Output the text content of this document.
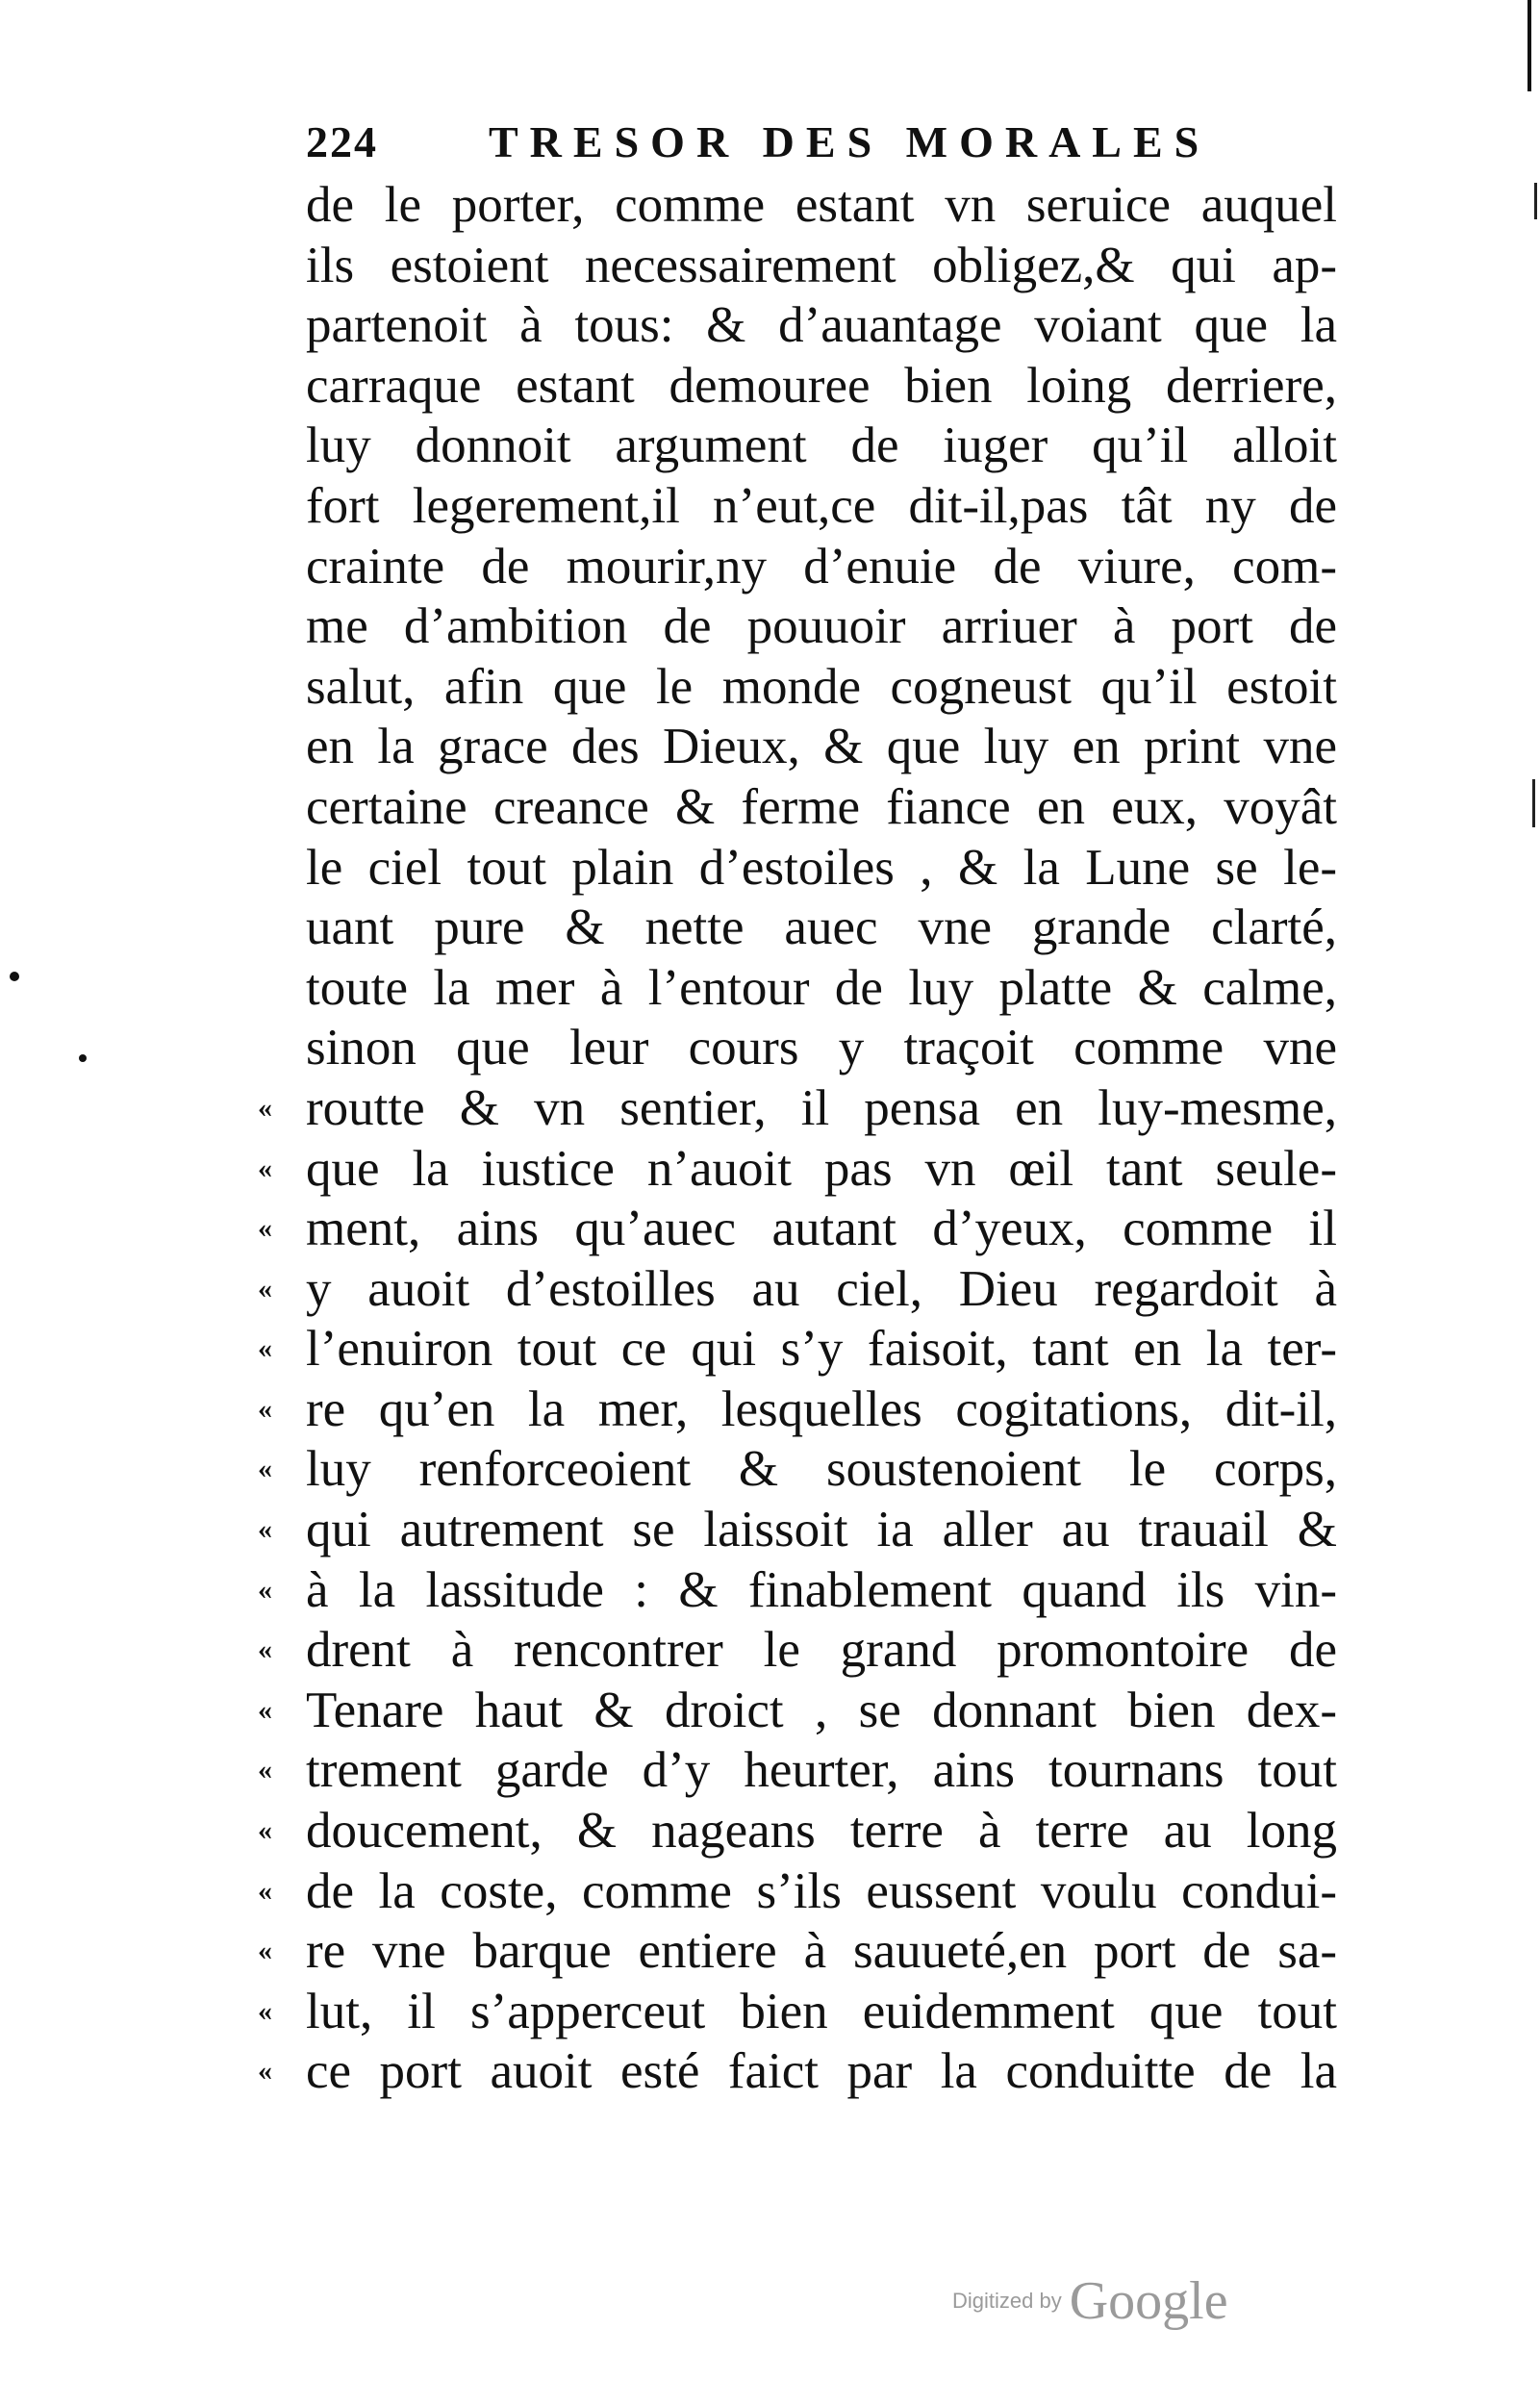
224	TRESOR DES MORALES
de le porter, comme estant vn seruice auquel
ils estoient necessairement obligez,& qui ap-
partenoit à tous: & d’auantage voiant que la
carraque estant demouree bien loing derriere,
luy donnoit argument de iuger qu’il alloit
fort legerement,il n’eut,ce dit-il,pas tât ny de
crainte de mourir,ny d’enuie de viure, com-
me d’ambition de pouuoir arriuer à port de
salut, afin que le monde cogneust qu’il estoit
en la grace des Dieux, & que luy en print vne
certaine creance & ferme fiance en eux, voyât
le ciel tout plain d’estoiles , & la Lune se le-
uant pure & nette auec vne grande clarté,
toute la mer à l’entour de luy platte & calme,
sinon que leur cours y traçoit comme vne
« routte & vn sentier, il pensa en luy-mesme,
« que la iustice n’auoit pas vn œil tant seule-
« ment, ains qu’auec autant d’yeux, comme il
« y auoit d’estoilles au ciel, Dieu regardoit à
« l’enuiron tout ce qui s’y faisoit, tant en la ter-
« re qu’en la mer, lesquelles cogitations, dit-il,
« luy renforceoient & soustenoient le corps,
« qui autrement se laissoit ia aller au trauail &
« à la lassitude : & finablement quand ils vin-
« drent à rencontrer le grand promontoire de
« Tenare haut & droict , se donnant bien dex-
« trement garde d’y heurter, ains tournans tout
« doucement, & nageans terre à terre au long
« de la coste, comme s’ils eussent voulu condui-
« re vne barque entiere à sauueté,en port de sa-
« lut, il s’apperceut bien euidemment que tout
« ce port auoit esté faict par la conduitte de la
Digitized by Google
